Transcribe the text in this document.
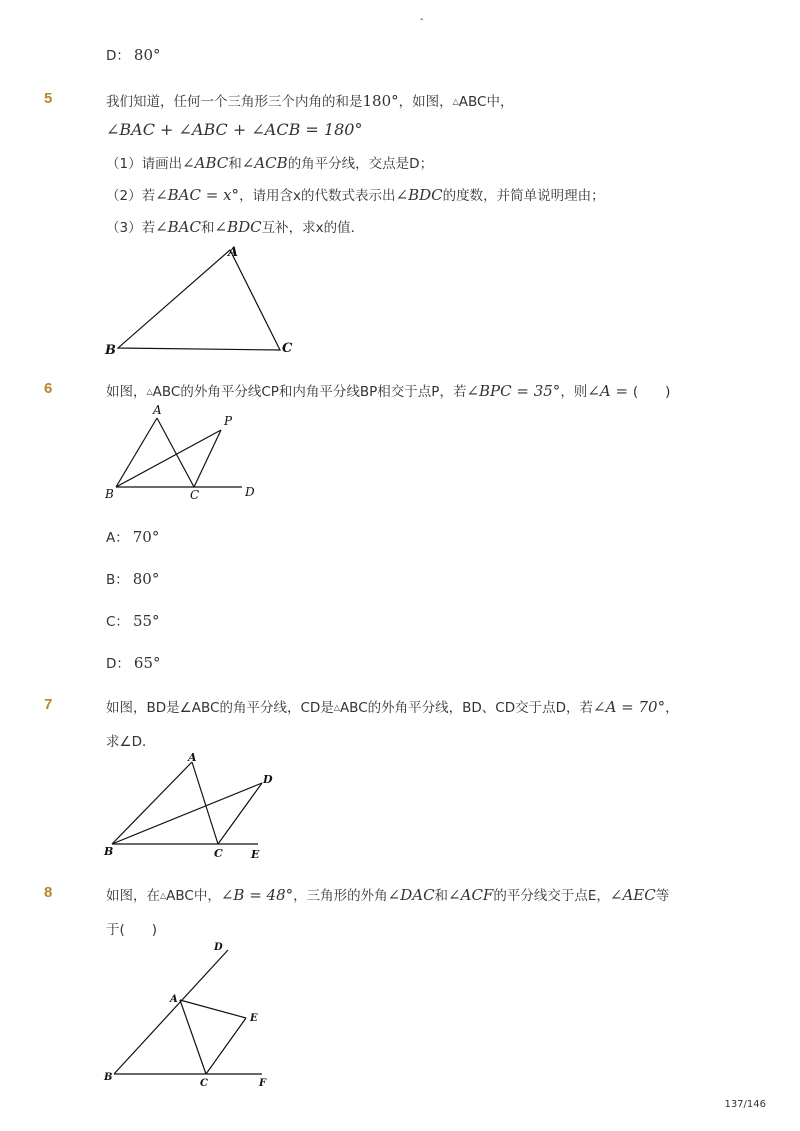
-
D： 80°
5	我们知道，任何一个三角形三个内角的和是180°，如图，△ABC中，
∠BAC + ∠ABC + ∠ACB = 180°
（1）请画出∠ABC和∠ACB的角平分线，交点是D；
（2）若∠BAC = x°，请用含x的代数式表示出∠BDC的度数，并简单说明理由；
（3）若∠BAC和∠BDC互补，求x的值．
A
B	C
6	如图，△ABC的外角平分线CP和内角平分线BP相交于点P，若∠BPC = 35°，则∠A = (　　)
A
P
B	C	D
A： 70°
B： 80°
C： 55°
D： 65°
7	如图，BD是∠ABC的角平分线，CD是△ABC的外角平分线，BD、CD交于点D，若∠A = 70°，
求∠D．
A
D
B	C	E
8	如图，在△ABC中，∠B = 48°，三角形的外角∠DAC和∠ACF的平分线交于点E，∠AEC等
于(　　)
D
A
E
B
C	F
137/146
